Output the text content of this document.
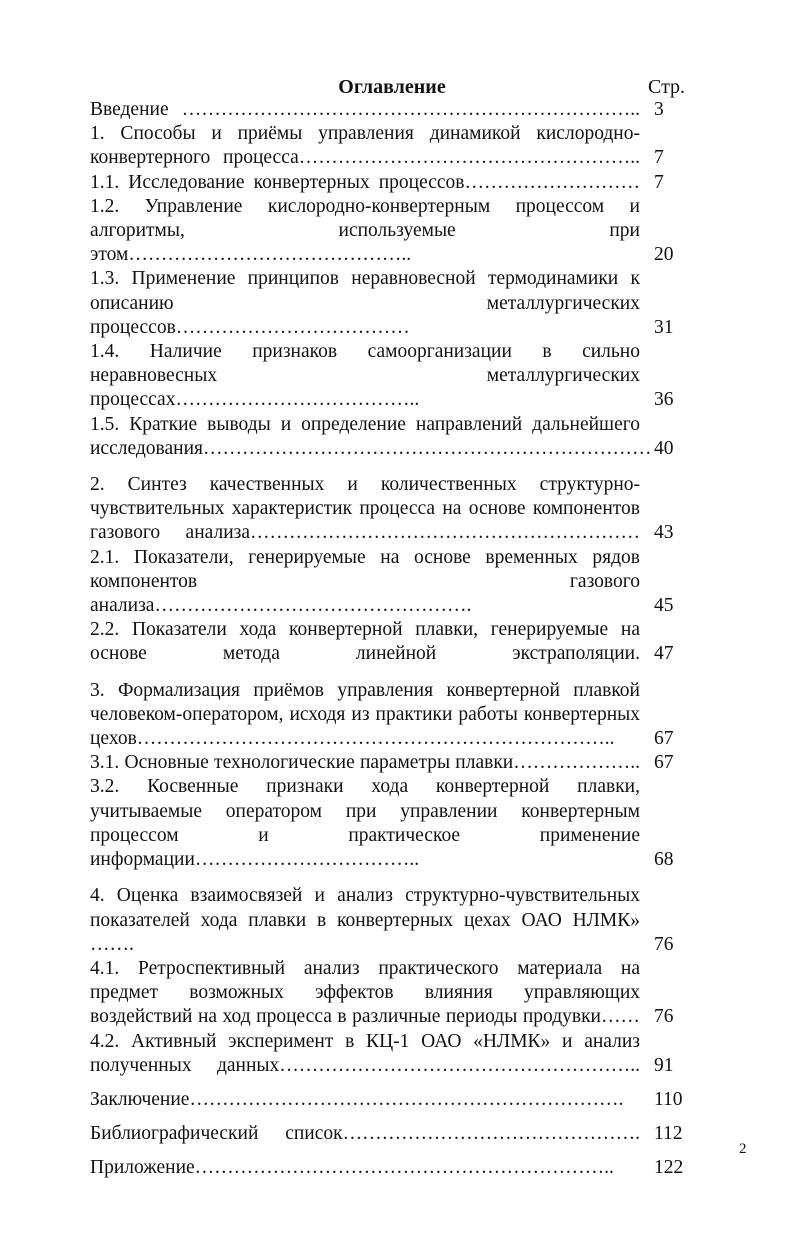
Оглавление	Стр.
Введение …………………………………………………………….. 3
1. Способы и приёмы управления динамикой кислородно-конвертерного процесса…………………………………………….. 7
1.1. Исследование конвертерных процессов……………………… 7
1.2. Управление кислородно-конвертерным процессом и алгоритмы, используемые при этом……………………………………..	20
1.3. Применение принципов неравновесной термодинамики к описанию металлургических процессов………………………………	31
1.4. Наличие признаков самоорганизации в сильно неравновесных металлургических процессах………………………………..	36
1.5. Краткие выводы и определение направлений дальнейшего исследования…………………………………………………………… 40
2. Синтез качественных и количественных структурно-чувствительных характеристик процесса на основе компонентов газового анализа…………………………………………………… 43
2.1. Показатели, генерируемые на основе временных рядов компонентов газового анализа………………………………………….	45
2.2. Показатели хода конвертерной плавки, генерируемые на основе метода линейной экстраполяции. 47
3. Формализация приёмов управления конвертерной плавкой человеком-оператором, исходя из практики работы конвертерных цехов………………………………………………………………..	67
3.1. Основные технологические параметры плавки……………….. 67
3.2. Косвенные признаки хода конвертерной плавки, учитываемые оператором при управлении конвертерным процессом и практическое применение информации……………………………..	68
4. Оценка взаимосвязей и анализ структурно-чувствительных показателей хода плавки в конвертерных цехах ОАО НЛМК» …….	76
4.1. Ретроспективный анализ практического материала на предмет возможных эффектов влияния управляющих воздействий на ход процесса в различные периоды продувки…… 76
4.2. Активный эксперимент в КЦ-1 ОАО «НЛМК» и анализ полученных данных……………………………………………….. 91
Заключение………………………………………………………….	110
Библиографический список………………………………………. 112
Приложение………………………………………………………..	122
2
